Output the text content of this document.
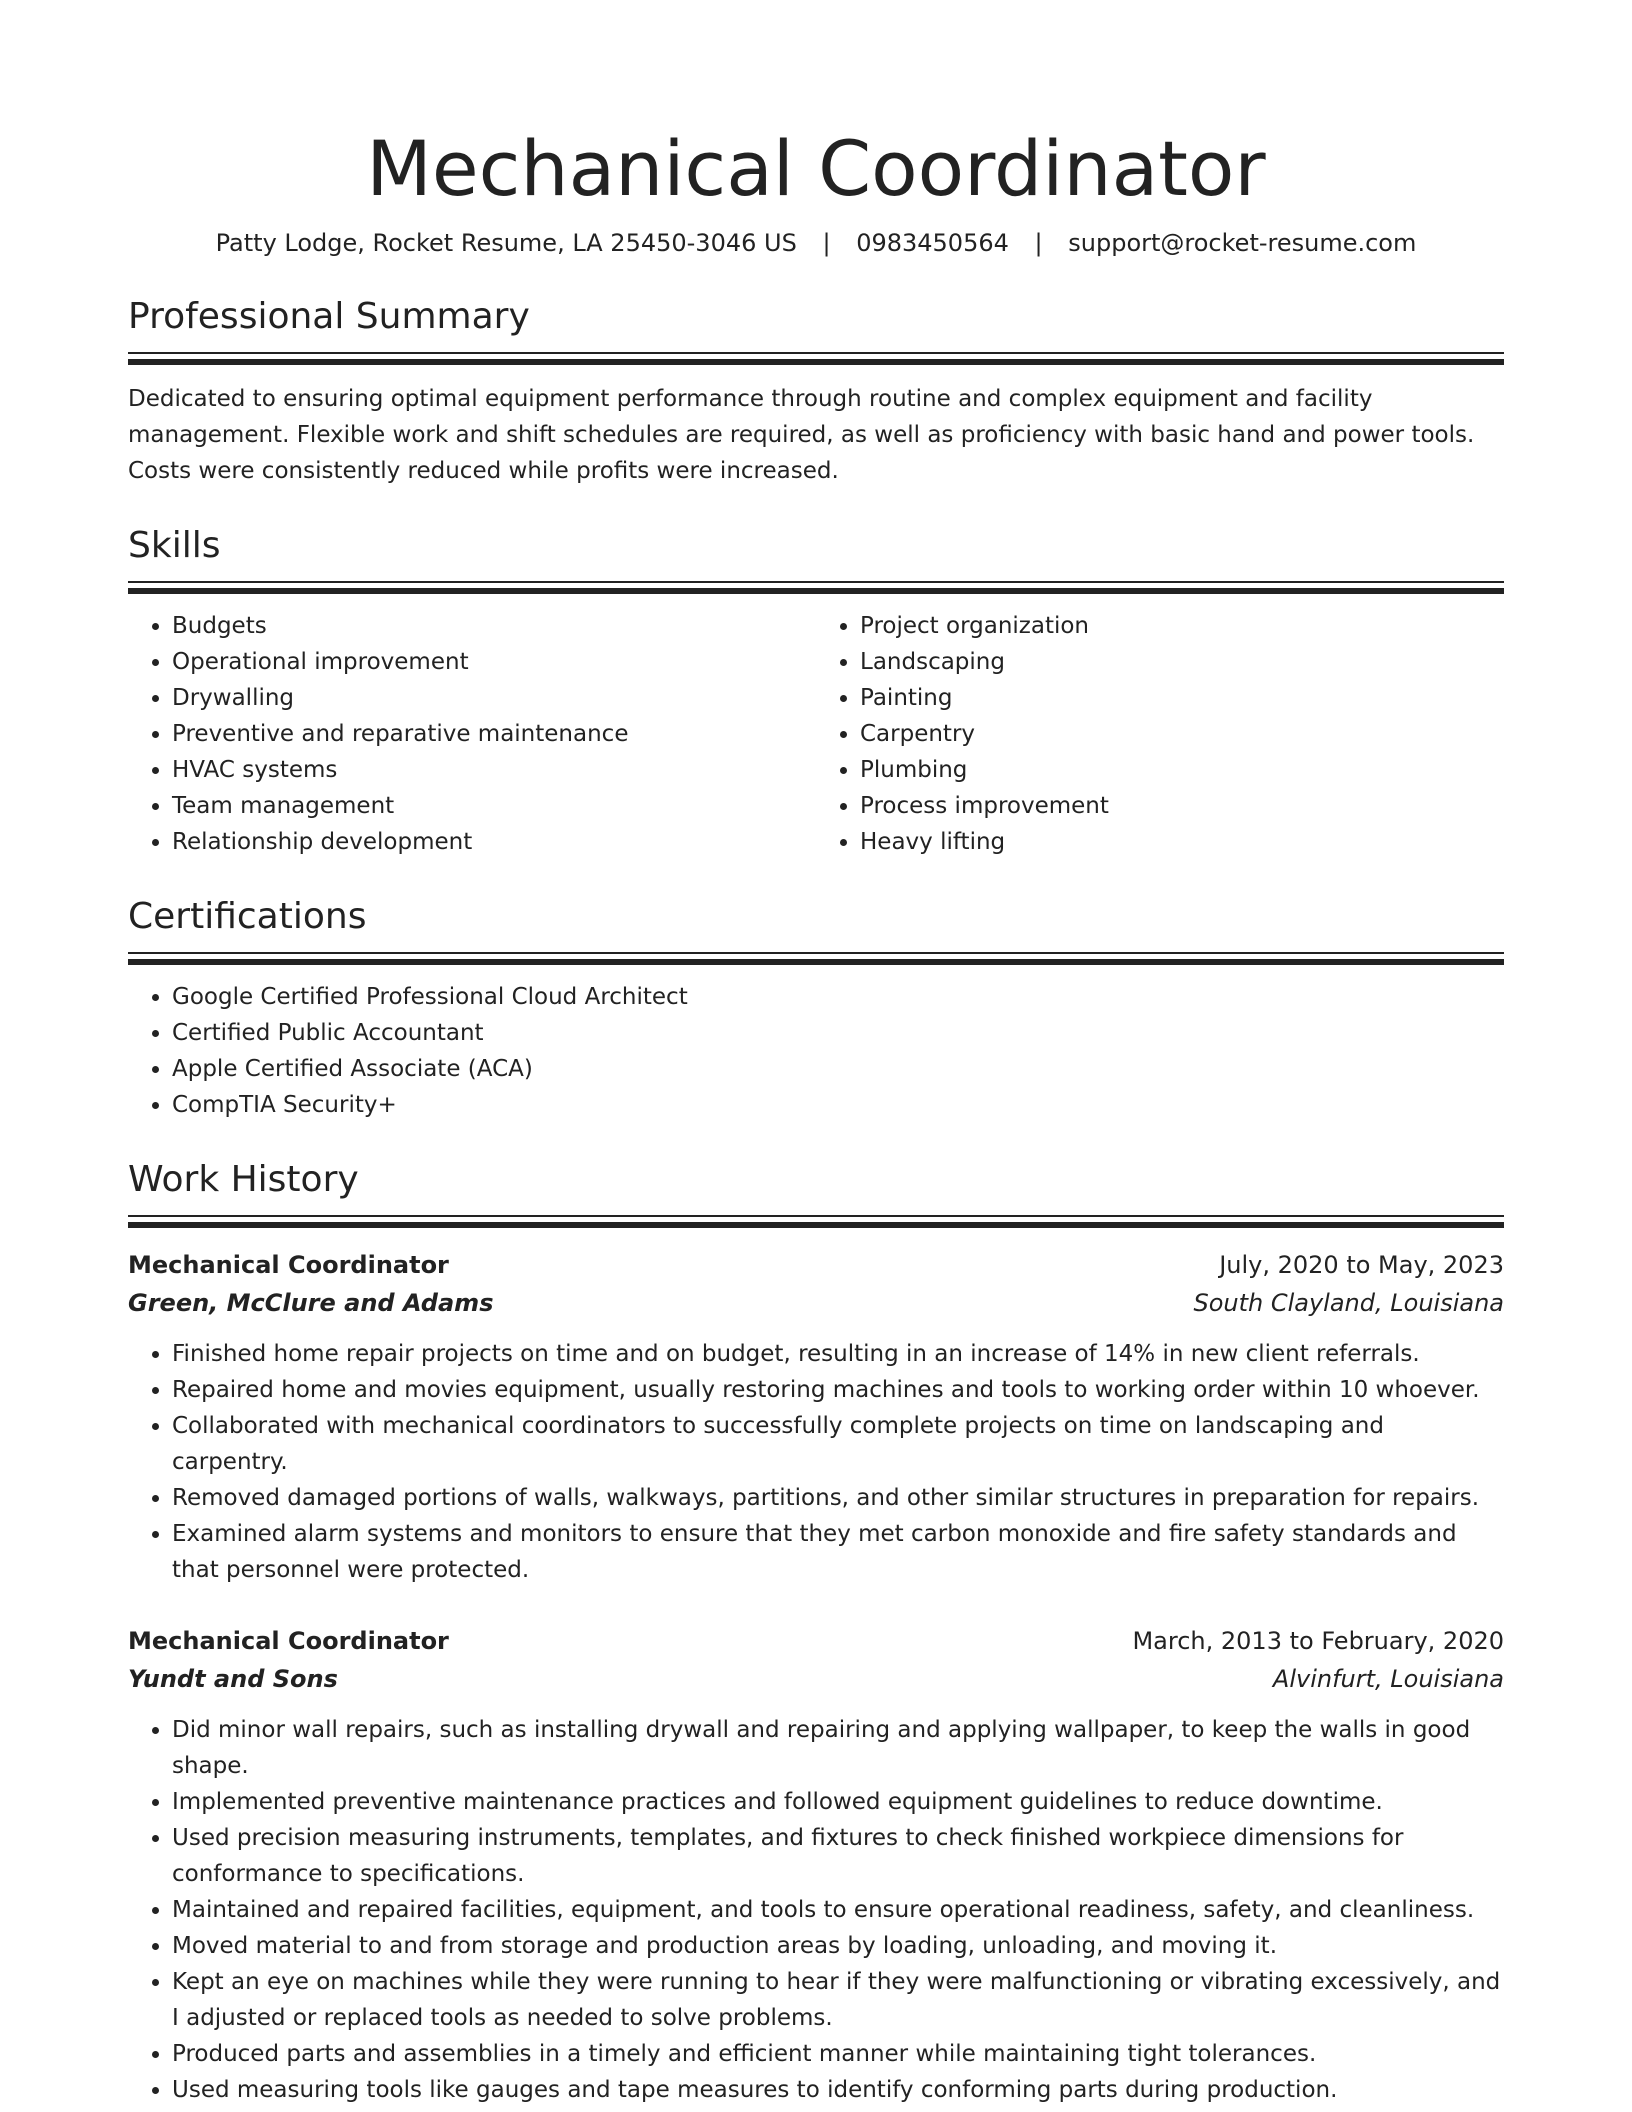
Mechanical Coordinator
Patty Lodge, Rocket Resume, LA 25450-3046 US | 0983450564 | support@rocket-resume.com
Professional Summary

Dedicated to ensuring optimal equipment performance through routine and complex equipment and facility management. Flexible work and shift schedules are required, as well as proficiency with basic hand and power tools. Costs were consistently reduced while profits were increased.

Skills
• Budgets
• Operational improvement
• Drywalling
• Preventive and reparative maintenance
• HVAC systems
• Team management
• Relationship development
• Project organization
• Landscaping
• Painting
• Carpentry
• Plumbing
• Process improvement
• Heavy lifting
Certifications
• Google Certified Professional Cloud Architect
• Certified Public Accountant
• Apple Certified Associate (ACA)
• CompTIA Security+
Work History
Mechanical Coordinator	July, 2020 to May, 2023
Green, McClure and Adams	South Clayland, Louisiana
• Finished home repair projects on time and on budget, resulting in an increase of 14% in new client referrals.
• Repaired home and movies equipment, usually restoring machines and tools to working order within 10 whoever.
• Collaborated with mechanical coordinators to successfully complete projects on time on landscaping and carpentry.
• Removed damaged portions of walls, walkways, partitions, and other similar structures in preparation for repairs.
• Examined alarm systems and monitors to ensure that they met carbon monoxide and fire safety standards and that personnel were protected.
Mechanical Coordinator	March, 2013 to February, 2020
Yundt and Sons	Alvinfurt, Louisiana
• Did minor wall repairs, such as installing drywall and repairing and applying wallpaper, to keep the walls in good shape.
• Implemented preventive maintenance practices and followed equipment guidelines to reduce downtime.
• Used precision measuring instruments, templates, and fixtures to check finished workpiece dimensions for conformance to specifications.
• Maintained and repaired facilities, equipment, and tools to ensure operational readiness, safety, and cleanliness.
• Moved material to and from storage and production areas by loading, unloading, and moving it.
• Kept an eye on machines while they were running to hear if they were malfunctioning or vibrating excessively, and I adjusted or replaced tools as needed to solve problems.
• Produced parts and assemblies in a timely and efficient manner while maintaining tight tolerances.
• Used measuring tools like gauges and tape measures to identify conforming parts during production.
